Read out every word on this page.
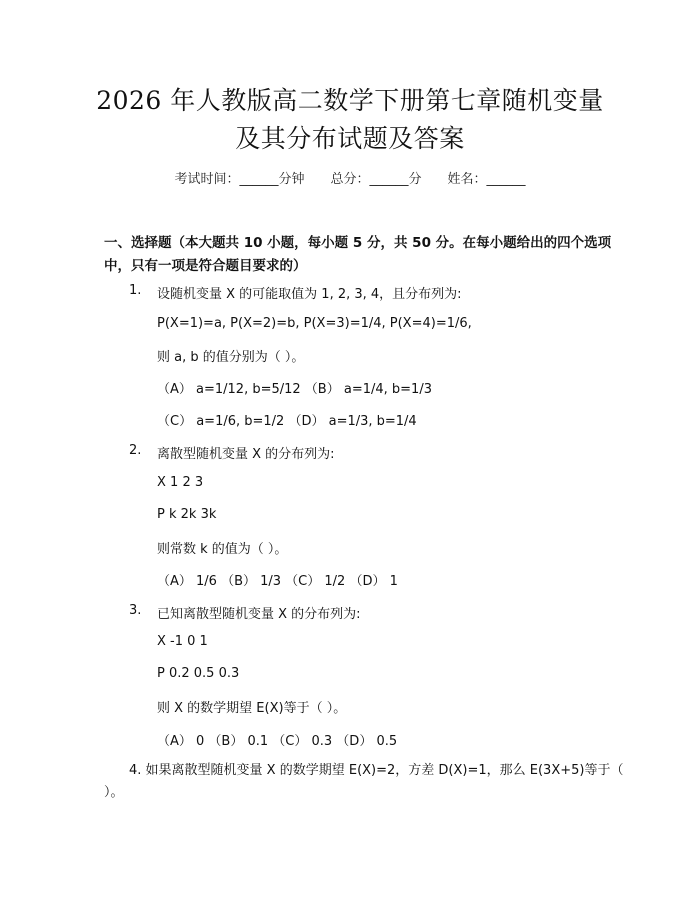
2026 年人教版高二数学下册第七章随机变量
及其分布试题及答案
考试时间：______分钟　　总分：______分　　姓名：______
一、选择题（本大题共 10 小题，每小题 5 分，共 50 分。在每小题给出的四个选项中，只有一项是符合题目要求的）
1. 设随机变量 X 的可能取值为 1, 2, 3, 4，且分布列为:
P(X=1)=a, P(X=2)=b, P(X=3)=1/4, P(X=4)=1/6,
则 a, b 的值分别为（ ）。
（A） a=1/12, b=5/12 （B） a=1/4, b=1/3
（C） a=1/6, b=1/2 （D） a=1/3, b=1/4
2. 离散型随机变量 X 的分布列为:
X 1 2 3
P k 2k 3k
则常数 k 的值为（ ）。
（A） 1/6 （B） 1/3 （C） 1/2 （D） 1
3. 已知离散型随机变量 X 的分布列为:
X -1 0 1
P 0.2 0.5 0.3
则 X 的数学期望 E(X)等于（ ）。
（A） 0 （B） 0.1 （C） 0.3 （D） 0.5
4. 如果离散型随机变量 X 的数学期望 E(X)=2，方差 D(X)=1，那么 E(3X+5)等于（ ）。
